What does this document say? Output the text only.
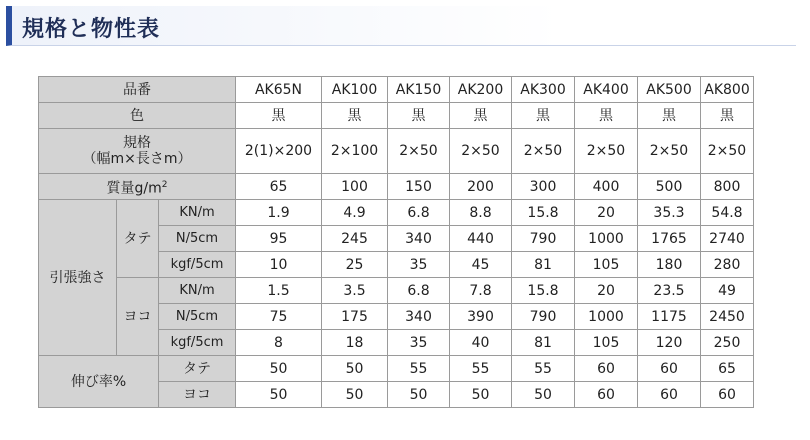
規格と物性表
品番			AK65N	AK100	AK150	AK200	AK300	AK400	AK500	AK800
色			黒	黒	黒	黒	黒	黒	黒	黒

規格
（幅m×長さm）			2(1)×200	2×100	2×50	2×50	2×50	2×50	2×50	2×50
質量$g/m^2$			65	100	150	200	300	400	500	800
引張強さ	タテ	KN/m	1.9	4.9	6.8	8.8	15.8	20	35.3	54.8
		N/5cm	95	245	340	440	790	1000	1765	2740
		kgf/5cm	10	25	35	45	81	105	180	280
	ヨコ	KN/m	1.5	3.5	6.8	7.8	15.8	20	23.5	49
		N/5cm	75	175	340	390	790	1000	1175	2450
		kgf/5cm	8	18	35	40	81	105	120	250
伸び率%		タテ	50	50	55	55	55	60	60	65
		ヨコ	50	50	50	50	50	60	60	60
